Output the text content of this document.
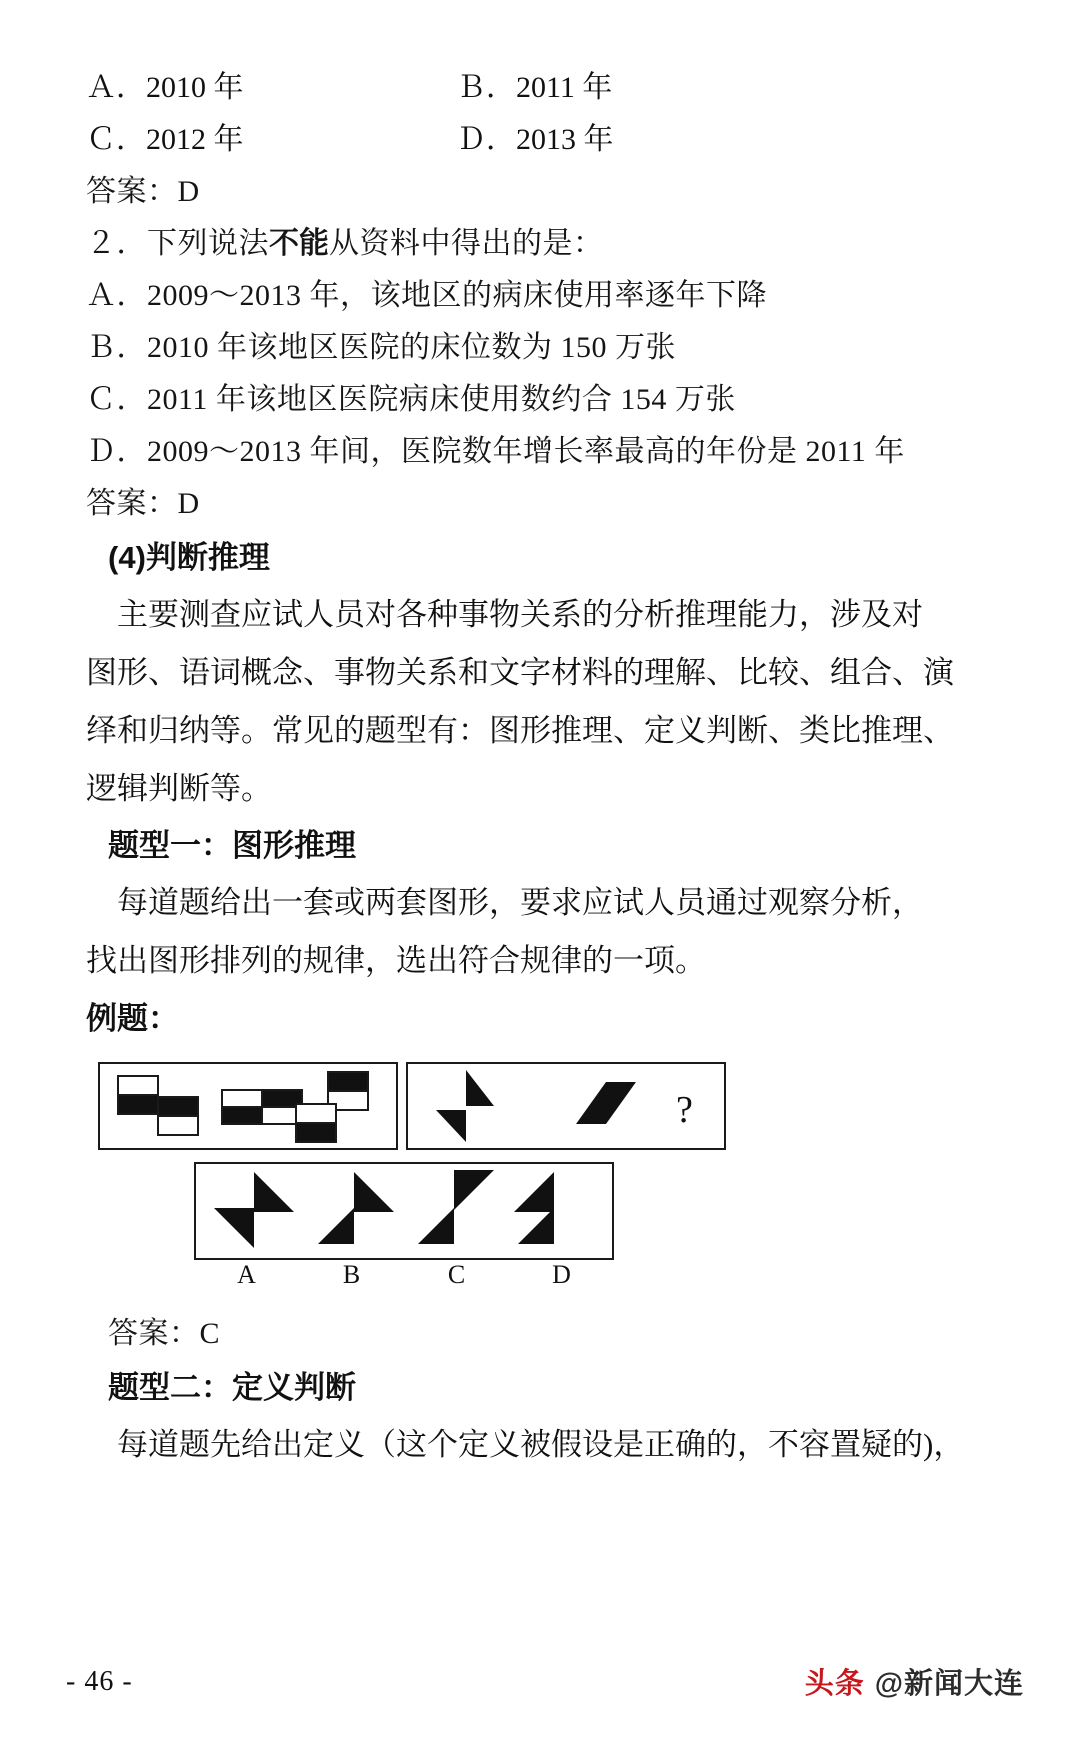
Ａ．2010 年	Ｂ．2011 年
Ｃ．2012 年	Ｄ．2013 年
答案：D
２．下列说法不能从资料中得出的是：
Ａ．2009～2013 年，该地区的病床使用率逐年下降
Ｂ．2010 年该地区医院的床位数为 150 万张
Ｃ．2011 年该地区医院病床使用数约合 154 万张
Ｄ．2009～2013 年间，医院数年增长率最高的年份是 2011 年
答案：D
(4)判断推理
　主要测查应试人员对各种事物关系的分析推理能力，涉及对
图形、语词概念、事物关系和文字材料的理解、比较、组合、演
绎和归纳等。常见的题型有：图形推理、定义判断、类比推理、
逻辑判断等。
题型一：图形推理
　每道题给出一套或两套图形，要求应试人员通过观察分析，
找出图形排列的规律，选出符合规律的一项。
例题：
?
A	B	C	D
答案：C
题型二：定义判断
　每道题先给出定义（这个定义被假设是正确的，不容置疑的)，
- 46 -	头条 @新闻大连
